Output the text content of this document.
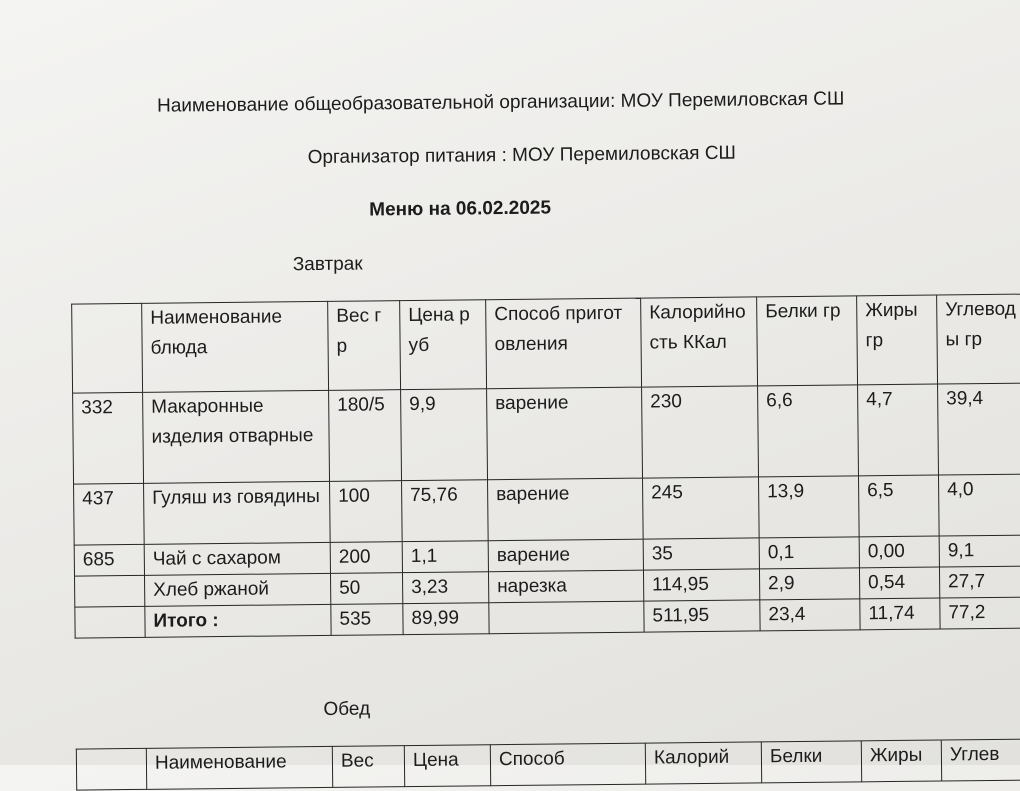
Наименование общеобразовательной организации: МОУ Перемиловская СШ
Организатор питания : МОУ Перемиловская СШ
Меню на 06.02.2025
Завтрак
	Наименование блюда	Вес гр	Цена руб	Способ приготовления	Калорийность ККал	Белки гр	Жиры гр	Углеводы гр
332	Макаронные изделия отварные	180/5	9,9	варение	230	6,6	4,7	39,4
437	Гуляш из говядины	100	75,76	варение	245	13,9	6,5	4,0
685	Чай с сахаром	200	1,1	варение	35	0,1	0,00	9,1
	Хлеб ржаной	50	3,23	нарезка	114,95	2,9	0,54	27,7
	Итого :	535	89,99		511,95	23,4	11,74	77,2
Обед
	Наименование	Вес	Цена	Способ	Калорий	Белки	Жиры	Углев
